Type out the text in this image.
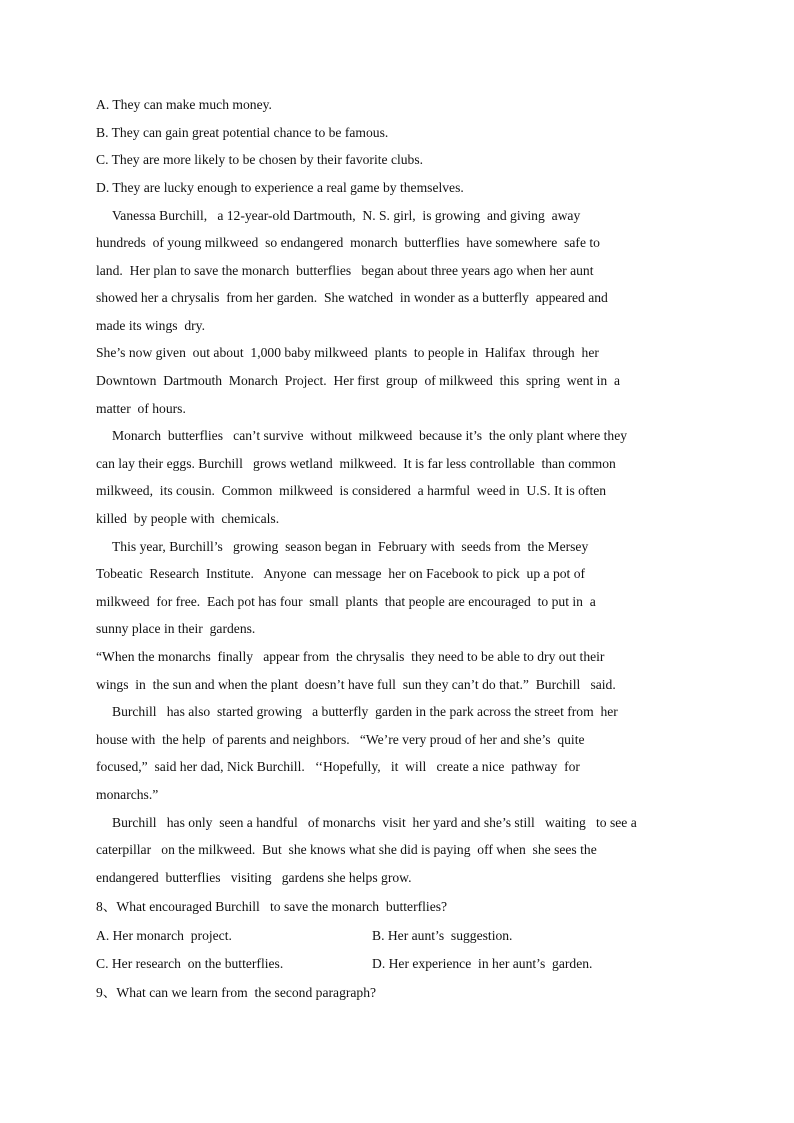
A. They can make much money.
B. They can gain great potential chance to be famous.
C. They are more likely to be chosen by their favorite clubs.
D. They are lucky enough to experience a real game by themselves.
Vanessa Burchill,   a 12-year-old Dartmouth,  N. S. girl,  is growing  and giving  away
hundreds  of young milkweed  so endangered  monarch  butterflies  have somewhere  safe to
land.  Her plan to save the monarch  butterflies   began about three years ago when her aunt
showed her a chrysalis  from her garden.  She watched  in wonder as a butterfly  appeared and
made its wings  dry.
She’s now given  out about  1,000 baby milkweed  plants  to people in  Halifax  through  her
Downtown  Dartmouth  Monarch  Project.  Her first  group  of milkweed  this  spring  went in  a
matter  of hours.
Monarch  butterflies   can’t survive  without  milkweed  because it’s  the only plant where they
can lay their eggs. Burchill   grows wetland  milkweed.  It is far less controllable  than common
milkweed,  its cousin.  Common  milkweed  is considered  a harmful  weed in  U.S. It is often
killed  by people with  chemicals.
This year, Burchill’s   growing  season began in  February with  seeds from  the Mersey
Tobeatic  Research  Institute.   Anyone  can message  her on Facebook to pick  up a pot of
milkweed  for free.  Each pot has four  small  plants  that people are encouraged  to put in  a
sunny place in their  gardens.
“When the monarchs  finally   appear from  the chrysalis  they need to be able to dry out their
wings  in  the sun and when the plant  doesn’t have full  sun they can’t do that.”  Burchill   said.
Burchill   has also  started growing   a butterfly  garden in the park across the street from  her
house with  the help  of parents and neighbors.   “We’re very proud of her and she’s  quite
focused,”  said her dad, Nick Burchill.   ‘‘Hopefully,   it  will   create a nice  pathway  for
monarchs.”
Burchill   has only  seen a handful   of monarchs  visit  her yard and she’s still   waiting   to see a
caterpillar   on the milkweed.  But  she knows what she did is paying  off when  she sees the
endangered  butterflies   visiting   gardens she helps grow.
8、What encouraged Burchill   to save the monarch  butterflies?
A. Her monarch  project.	B. Her aunt’s  suggestion.
C. Her research  on the butterflies.	D. Her experience  in her aunt’s  garden.
9、What can we learn from  the second paragraph?
